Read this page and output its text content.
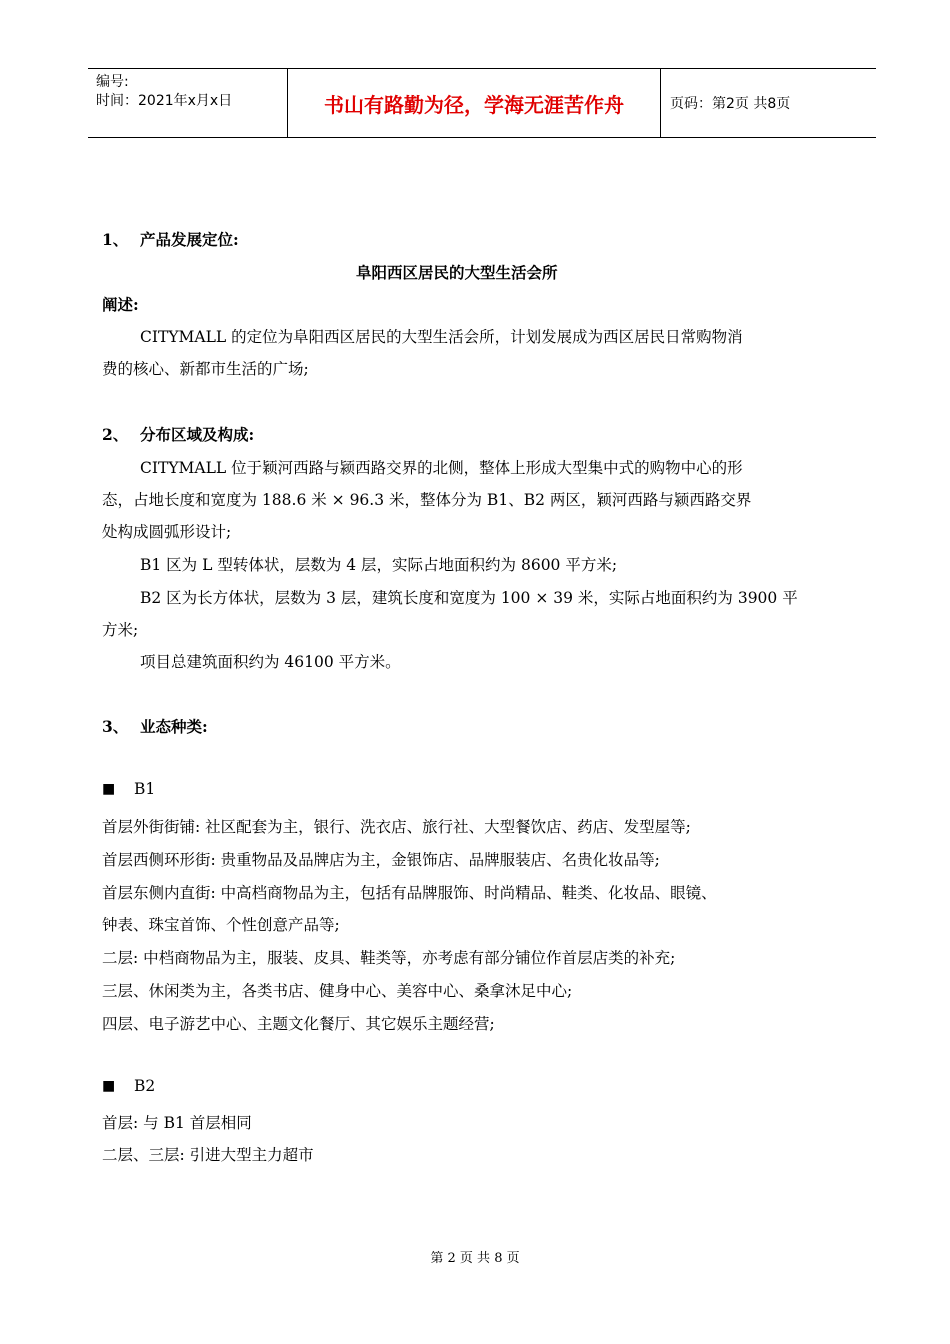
编号:
时间：2021年x月x日	书山有路勤为径，学海无涯苦作舟	页码：第2页 共8页
1、 产品发展定位:
阜阳西区居民的大型生活会所
阐述:
CITYMALL 的定位为阜阳西区居民的大型生活会所，计划发展成为西区居民日常购物消
费的核心、新都市生活的广场;
2、 分布区域及构成:
CITYMALL 位于颖河西路与颍西路交界的北侧，整体上形成大型集中式的购物中心的形
态，占地长度和宽度为 188.6 米 × 96.3 米，整体分为 B1、B2 两区，颖河西路与颍西路交界
处构成圆弧形设计;
B1 区为 L 型转体状，层数为 4 层，实际占地面积约为 8600 平方米;
B2 区为长方体状，层数为 3 层，建筑长度和宽度为 100 × 39 米，实际占地面积约为 3900 平
方米;
项目总建筑面积约为 46100 平方米。
3、 业态种类:
■ B1
首层外街街铺: 社区配套为主，银行、洗衣店、旅行社、大型餐饮店、药店、发型屋等;
首层西侧环形街: 贵重物品及品牌店为主，金银饰店、品牌服装店、名贵化妆品等;
首层东侧内直街: 中高档商物品为主，包括有品牌服饰、时尚精品、鞋类、化妆品、眼镜、
钟表、珠宝首饰、个性创意产品等;
二层: 中档商物品为主，服装、皮具、鞋类等，亦考虑有部分铺位作首层店类的补充;
三层、休闲类为主，各类书店、健身中心、美容中心、桑拿沐足中心;
四层、电子游艺中心、主题文化餐厅、其它娱乐主题经营;
■ B2
首层: 与 B1 首层相同
二层、三层: 引进大型主力超市
第 2 页 共 8 页
